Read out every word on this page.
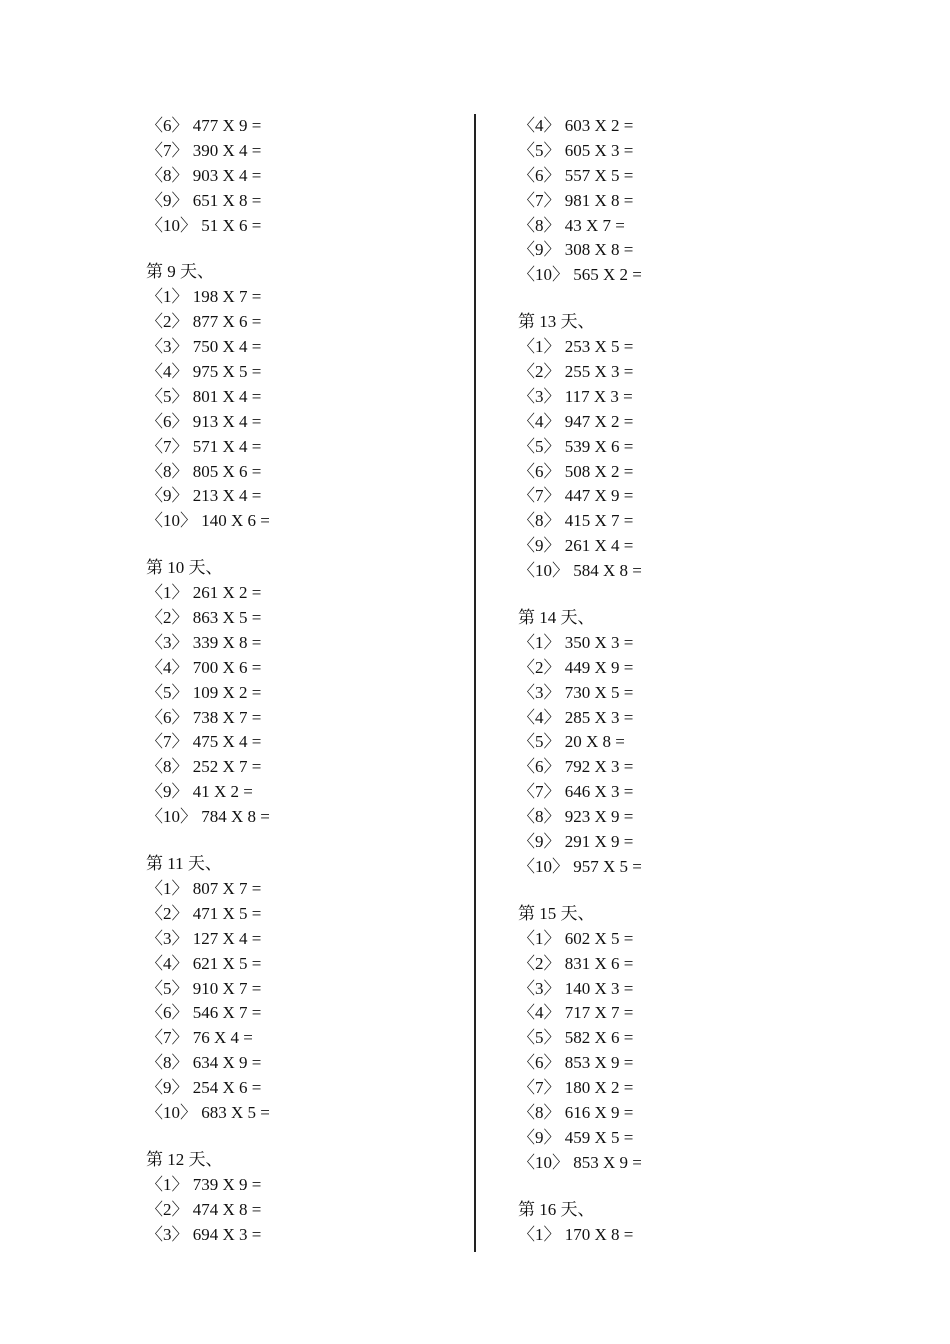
〈6〉 477 X 9 =
〈7〉 390 X 4 =
〈8〉 903 X 4 =
〈9〉 651 X 8 =
〈10〉 51 X 6 =
第 9 天、
〈1〉 198 X 7 =
〈2〉 877 X 6 =
〈3〉 750 X 4 =
〈4〉 975 X 5 =
〈5〉 801 X 4 =
〈6〉 913 X 4 =
〈7〉 571 X 4 =
〈8〉 805 X 6 =
〈9〉 213 X 4 =
〈10〉 140 X 6 =
第 10 天、
〈1〉 261 X 2 =
〈2〉 863 X 5 =
〈3〉 339 X 8 =
〈4〉 700 X 6 =
〈5〉 109 X 2 =
〈6〉 738 X 7 =
〈7〉 475 X 4 =
〈8〉 252 X 7 =
〈9〉 41 X 2 =
〈10〉 784 X 8 =
第 11 天、
〈1〉 807 X 7 =
〈2〉 471 X 5 =
〈3〉 127 X 4 =
〈4〉 621 X 5 =
〈5〉 910 X 7 =
〈6〉 546 X 7 =
〈7〉 76 X 4 =
〈8〉 634 X 9 =
〈9〉 254 X 6 =
〈10〉 683 X 5 =
第 12 天、
〈1〉 739 X 9 =
〈2〉 474 X 8 =
〈3〉 694 X 3 =
〈4〉 603 X 2 =
〈5〉 605 X 3 =
〈6〉 557 X 5 =
〈7〉 981 X 8 =
〈8〉 43 X 7 =
〈9〉 308 X 8 =
〈10〉 565 X 2 =
第 13 天、
〈1〉 253 X 5 =
〈2〉 255 X 3 =
〈3〉 117 X 3 =
〈4〉 947 X 2 =
〈5〉 539 X 6 =
〈6〉 508 X 2 =
〈7〉 447 X 9 =
〈8〉 415 X 7 =
〈9〉 261 X 4 =
〈10〉 584 X 8 =
第 14 天、
〈1〉 350 X 3 =
〈2〉 449 X 9 =
〈3〉 730 X 5 =
〈4〉 285 X 3 =
〈5〉 20 X 8 =
〈6〉 792 X 3 =
〈7〉 646 X 3 =
〈8〉 923 X 9 =
〈9〉 291 X 9 =
〈10〉 957 X 5 =
第 15 天、
〈1〉 602 X 5 =
〈2〉 831 X 6 =
〈3〉 140 X 3 =
〈4〉 717 X 7 =
〈5〉 582 X 6 =
〈6〉 853 X 9 =
〈7〉 180 X 2 =
〈8〉 616 X 9 =
〈9〉 459 X 5 =
〈10〉 853 X 9 =
第 16 天、
〈1〉 170 X 8 =
